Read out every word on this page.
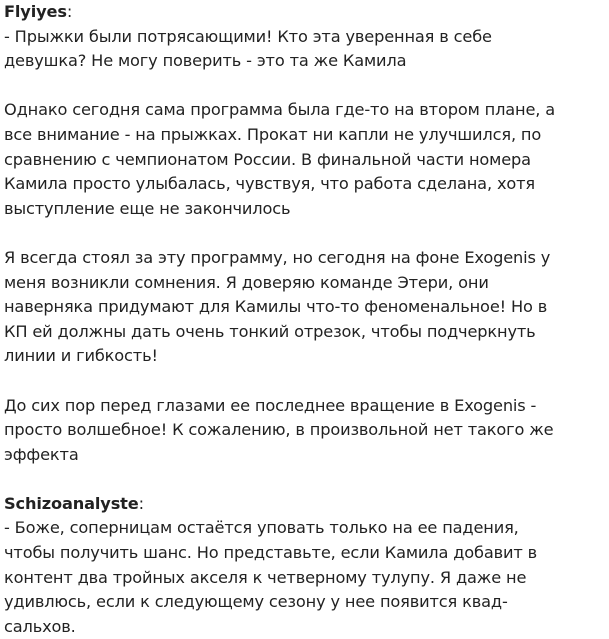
Flyiyes:

- Прыжки были потрясающими! Кто эта уверенная в себе
девушка? Не могу поверить - это та же Камила

Однако сегодня сама программа была где-то на втором плане, а
все внимание - на прыжках. Прокат ни капли не улучшился, по
сравнению с чемпионатом России. В финальной части номера
Камила просто улыбалась, чувствуя, что работа сделана, хотя
выступление еще не закончилось

Я всегда стоял за эту программу, но сегодня на фоне Exogenis у
меня возникли сомнения. Я доверяю команде Этери, они
наверняка придумают для Камилы что-то феноменальное! Но в
КП ей должны дать очень тонкий отрезок, чтобы подчеркнуть
линии и гибкость!

До сих пор перед глазами ее последнее вращение в Exogenis -
просто волшебное! К сожалению, в произвольной нет такого же
эффекта

Schizoanalyste:

- Боже, соперницам остаётся уповать только на ее падения,
чтобы получить шанс. Но представьте, если Камила добавит в
контент два тройных акселя к четверному тулупу. Я даже не
удивлюсь, если к следующему сезону у нее появится квад-
сальхов.
